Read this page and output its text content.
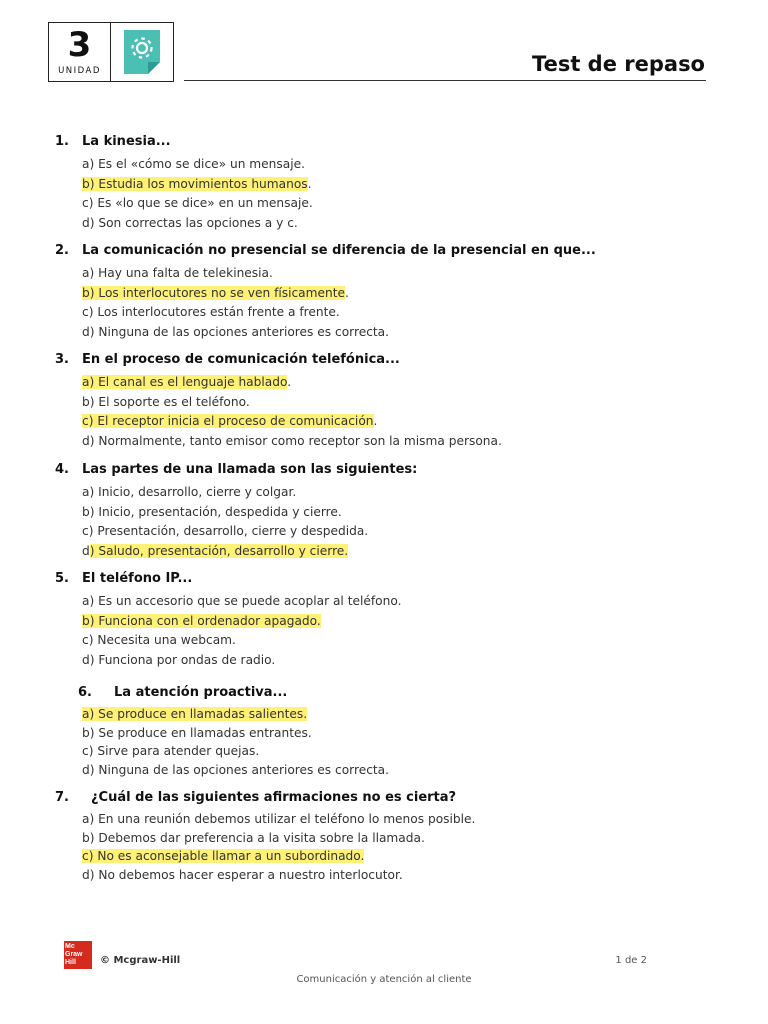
3
UNIDAD	Test de repaso
1. La kinesia...
a) Es el «cómo se dice» un mensaje.
b) Estudia los movimientos humanos.
c) Es «lo que se dice» en un mensaje.
d) Son correctas las opciones a y c.
2. La comunicación no presencial se diferencia de la presencial en que...
a) Hay una falta de telekinesia.
b) Los interlocutores no se ven físicamente.
c) Los interlocutores están frente a frente.
d) Ninguna de las opciones anteriores es correcta.
3. En el proceso de comunicación telefónica...
a) El canal es el lenguaje hablado.
b) El soporte es el teléfono.
c) El receptor inicia el proceso de comunicación.
d) Normalmente, tanto emisor como receptor son la misma persona.
4. Las partes de una llamada son las siguientes:
a) Inicio, desarrollo, cierre y colgar.
b) Inicio, presentación, despedida y cierre.
c) Presentación, desarrollo, cierre y despedida.
d) Saludo, presentación, desarrollo y cierre.
5. El teléfono IP...
a) Es un accesorio que se puede acoplar al teléfono.
b) Funciona con el ordenador apagado.
c) Necesita una webcam.
d) Funciona por ondas de radio.
6. La atención proactiva...
a) Se produce en llamadas salientes.
b) Se produce en llamadas entrantes.
c) Sirve para atender quejas.
d) Ninguna de las opciones anteriores es correcta.
7. ¿Cuál de las siguientes afirmaciones no es cierta?
a) En una reunión debemos utilizar el teléfono lo menos posible.
b) Debemos dar preferencia a la visita sobre la llamada.
c) No es aconsejable llamar a un subordinado.
d) No debemos hacer esperar a nuestro interlocutor.
Mc
Graw
Hill	© Mcgraw-Hill	1 de 2
Comunicación y atención al cliente
